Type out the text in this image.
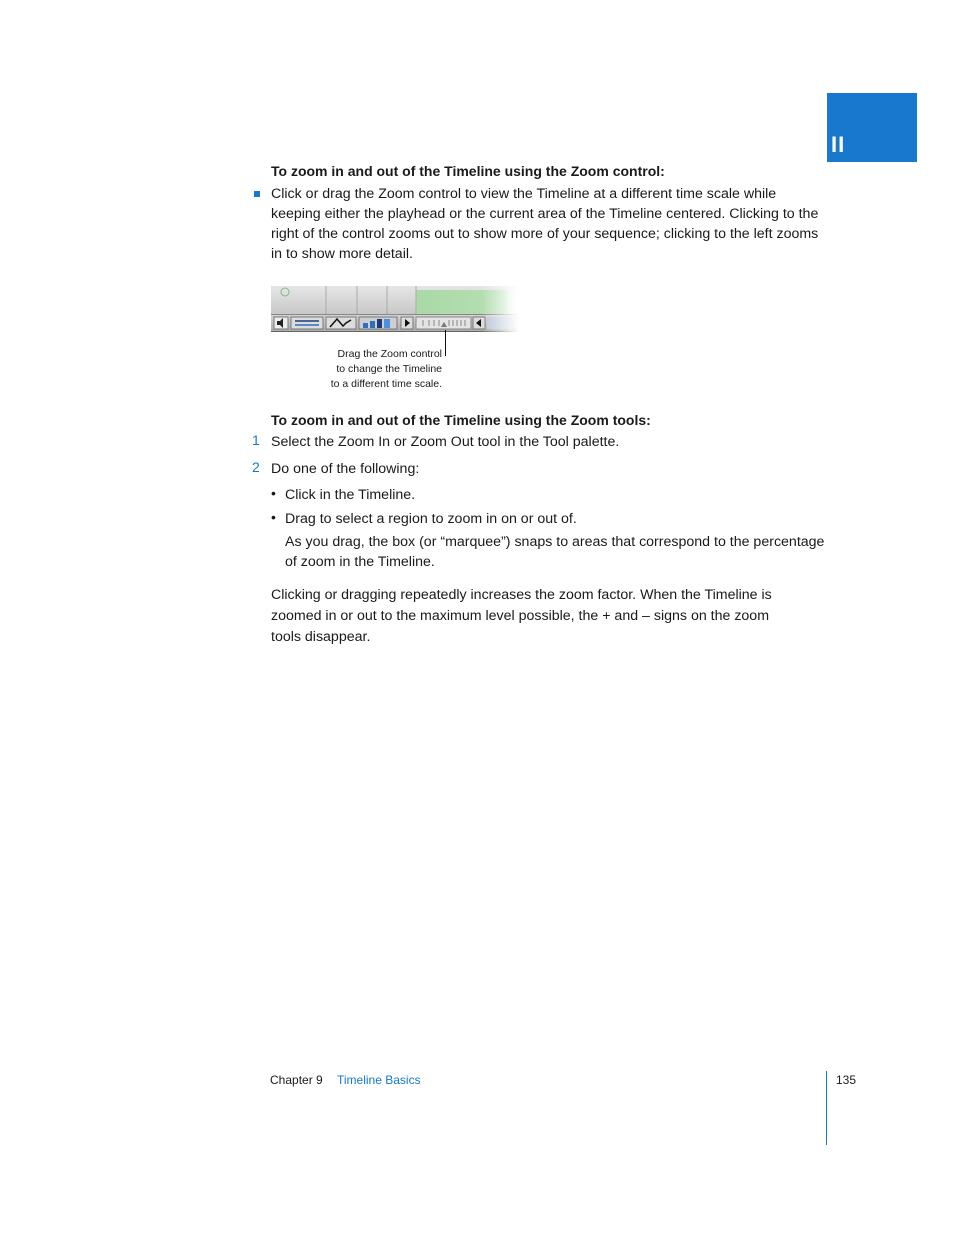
II
To zoom in and out of the Timeline using the Zoom control:
Click or drag the Zoom control to view the Timeline at a different time scale while keeping either the playhead or the current area of the Timeline centered. Clicking to the right of the control zooms out to show more of your sequence; clicking to the left zooms in to show more detail.
Drag the Zoom control
to change the Timeline
to a different time scale.
To zoom in and out of the Timeline using the Zoom tools:
1 Select the Zoom In or Zoom Out tool in the Tool palette.
2 Do one of the following:
• Click in the Timeline.
• Drag to select a region to zoom in on or out of.
As you drag, the box (or “marquee”) snaps to areas that correspond to the percentage of zoom in the Timeline.
Clicking or dragging repeatedly increases the zoom factor. When the Timeline is zoomed in or out to the maximum level possible, the + and – signs on the zoom tools disappear.
Chapter 9 Timeline Basics	135
